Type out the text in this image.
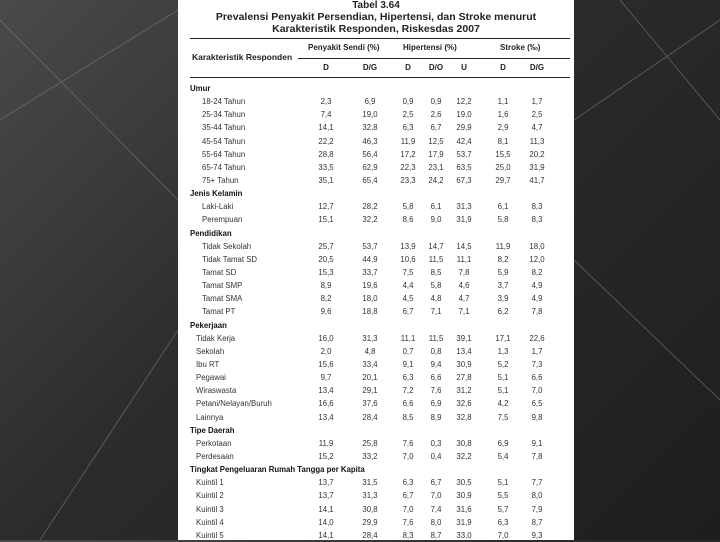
Tabel 3.64
Prevalensi Penyakit Persendian, Hipertensi, dan Stroke menurut
Karakteristik Responden, Riskesdas 2007
Karakteristik Responden
Penyakit Sendi (%)	Hipertensi (%)	Stroke (‰)
D	D/G	D	D/O	U	D	D/G
Umur
18-24 Tahun	2,3	6,9	0,9	0,9	12,2	1,1	1,7
25-34 Tahun	7,4	19,0	2,5	2,6	19,0	1,6	2,5
35-44 Tahun	14,1	32,8	6,3	6,7	29,9	2,9	4,7
45-54 Tahun	22,2	46,3	11,9	12,5	42,4	8,1	11,3
55-64 Tahun	28,8	56,4	17,2	17,9	53,7	15,5	20,2
65-74 Tahun	33,5	62,9	22,3	23,1	63,5	25,0	31,9
75+ Tahun	35,1	65,4	23,3	24,2	67,3	29,7	41,7
Jenis Kelamin
Laki-Laki	12,7	28,2	5,8	6,1	31,3	6,1	8,3
Perempuan	15,1	32,2	8,6	9,0	31,9	5,8	8,3
Pendidikan
Tidak Sekolah	25,7	53,7	13,9	14,7	14,5	11,9	18,0
Tidak Tamat SD	20,5	44,9	10,6	11,5	11,1	8,2	12,0
Tamat SD	15,3	33,7	7,5	8,5	7,8	5,9	8,2
Tamat SMP	8,9	19,6	4,4	5,8	4,6	3,7	4,9
Tamat SMA	8,2	18,0	4,5	4,8	4,7	3,9	4,9
Tamat PT	9,6	18,8	6,7	7,1	7,1	6,2	7,8
Pekerjaan
Tidak Kerja	16,0	31,3	11,1	11,5	39,1	17,1	22,6
Sekolah	2,0	4,8	0,7	0,8	13,4	1,3	1,7
Ibu RT	15,6	33,4	9,1	9,4	30,9	5,2	7,3
Pegawai	9,7	20,1	6,3	6,6	27,8	5,1	6,6
Wiraswasta	13,4	29,1	7,2	7,6	31,2	5,1	7,0
Petani/Nelayan/Buruh	16,6	37,6	6,6	6,9	32,6	4,2	6,5
Lainnya	13,4	28,4	8,5	8,9	32,8	7,5	9,8
Tipe Daerah
Perkotaan	11,9	25,8	7,6	0,3	30,8	6,9	9,1
Perdesaan	15,2	33,2	7,0	0,4	32,2	5,4	7,8
Tingkat Pengeluaran Rumah Tangga per Kapita
Kuintil 1	13,7	31,5	6,3	6,7	30,5	5,1	7,7
Kuintil 2	13,7	31,3	6,7	7,0	30,9	5,5	8,0
Kuintil 3	14,1	30,8	7,0	7,4	31,6	5,7	7,9
Kuintil 4	14,0	29,9	7,6	8,0	31,9	6,3	8,7
Kuintil 5	14,1	28,4	8,3	8,7	33,0	7,0	9,3
